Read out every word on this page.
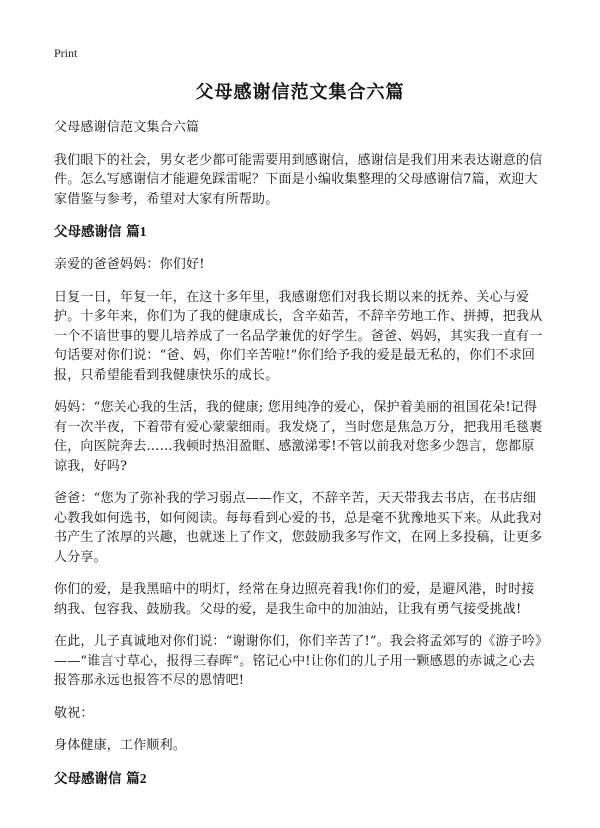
Print
父母感谢信范文集合六篇

父母感谢信范文集合六篇

我们眼下的社会，男女老少都可能需要用到感谢信，感谢信是我们用来表达谢意的信件。怎么写感谢信才能避免踩雷呢？下面是小编收集整理的父母感谢信7篇，欢迎大家借鉴与参考，希望对大家有所帮助。

父母感谢信 篇1

亲爱的爸爸妈妈：你们好!

日复一日，年复一年，在这十多年里，我感谢您们对我长期以来的抚养、关心与爱护。十多年来，你们为了我的健康成长，含辛茹苦，不辞辛劳地工作、拼搏，把我从一个不谙世事的婴儿培养成了一名品学兼优的好学生。爸爸、妈妈，其实我一直有一句话要对你们说：“爸、妈，你们辛苦啦!”你们给予我的爱是最无私的，你们不求回报，只希望能看到我健康快乐的成长。

妈妈：“您关心我的生活，我的健康; 您用纯净的爱心，保护着美丽的祖国花朵!记得有一次半夜，下着带有爱心蒙蒙细雨。我发烧了，当时您是焦急万分，把我用毛毯裹住，向医院奔去……我顿时热泪盈眶、感激涕零!不管以前我对您多少怨言，您都原谅我，好吗?

爸爸：“您为了弥补我的学习弱点——作文，不辞辛苦，天天带我去书店，在书店细心教我如何选书，如何阅读。每每看到心爱的书，总是毫不犹豫地买下来。从此我对书产生了浓厚的兴趣，也就迷上了作文，您鼓励我多写作文，在网上多投稿，让更多人分享。

你们的爱，是我黑暗中的明灯，经常在身边照亮着我!你们的爱，是避风港，时时接纳我、包容我、鼓励我。父母的爱，是我生命中的加油站，让我有勇气接受挑战!

在此，儿子真诚地对你们说：“谢谢你们，你们辛苦了!”。我会将孟郊写的《游子吟》——“谁言寸草心，报得三春晖”。铭记心中!让你们的儿子用一颗感恩的赤诚之心去报答那永远也报答不尽的恩情吧!

敬祝：

身体健康，工作顺利。

父母感谢信 篇2
